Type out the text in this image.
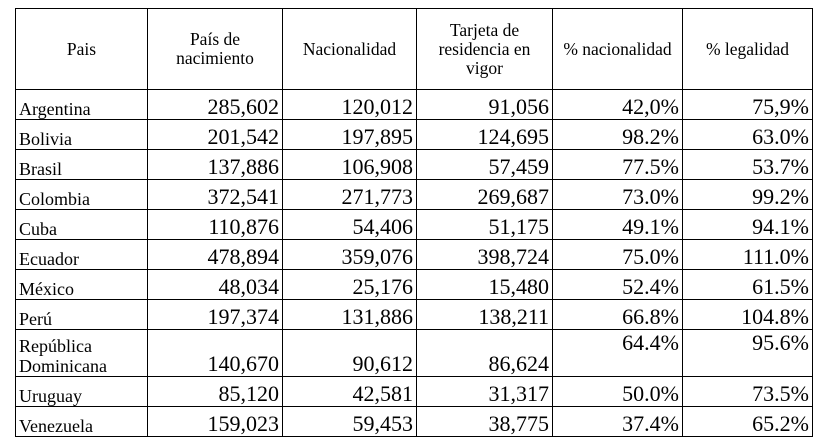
Pais	País de nacimiento	Nacionalidad	Tarjeta de residencia en vigor	% nacionalidad	% legalidad
Argentina	285,602	120,012	91,056	42,0%	75,9%
Bolivia	201,542	197,895	124,695	98.2%	63.0%
Brasil	137,886	106,908	57,459	77.5%	53.7%
Colombia	372,541	271,773	269,687	73.0%	99.2%
Cuba	110,876	54,406	51,175	49.1%	94.1%
Ecuador	478,894	359,076	398,724	75.0%	111.0%
México	48,034	25,176	15,480	52.4%	61.5%
Perú	197,374	131,886	138,211	66.8%	104.8%
República Dominicana	140,670	90,612	86,624	64.4%	95.6%
Uruguay	85,120	42,581	31,317	50.0%	73.5%
Venezuela	159,023	59,453	38,775	37.4%	65.2%
